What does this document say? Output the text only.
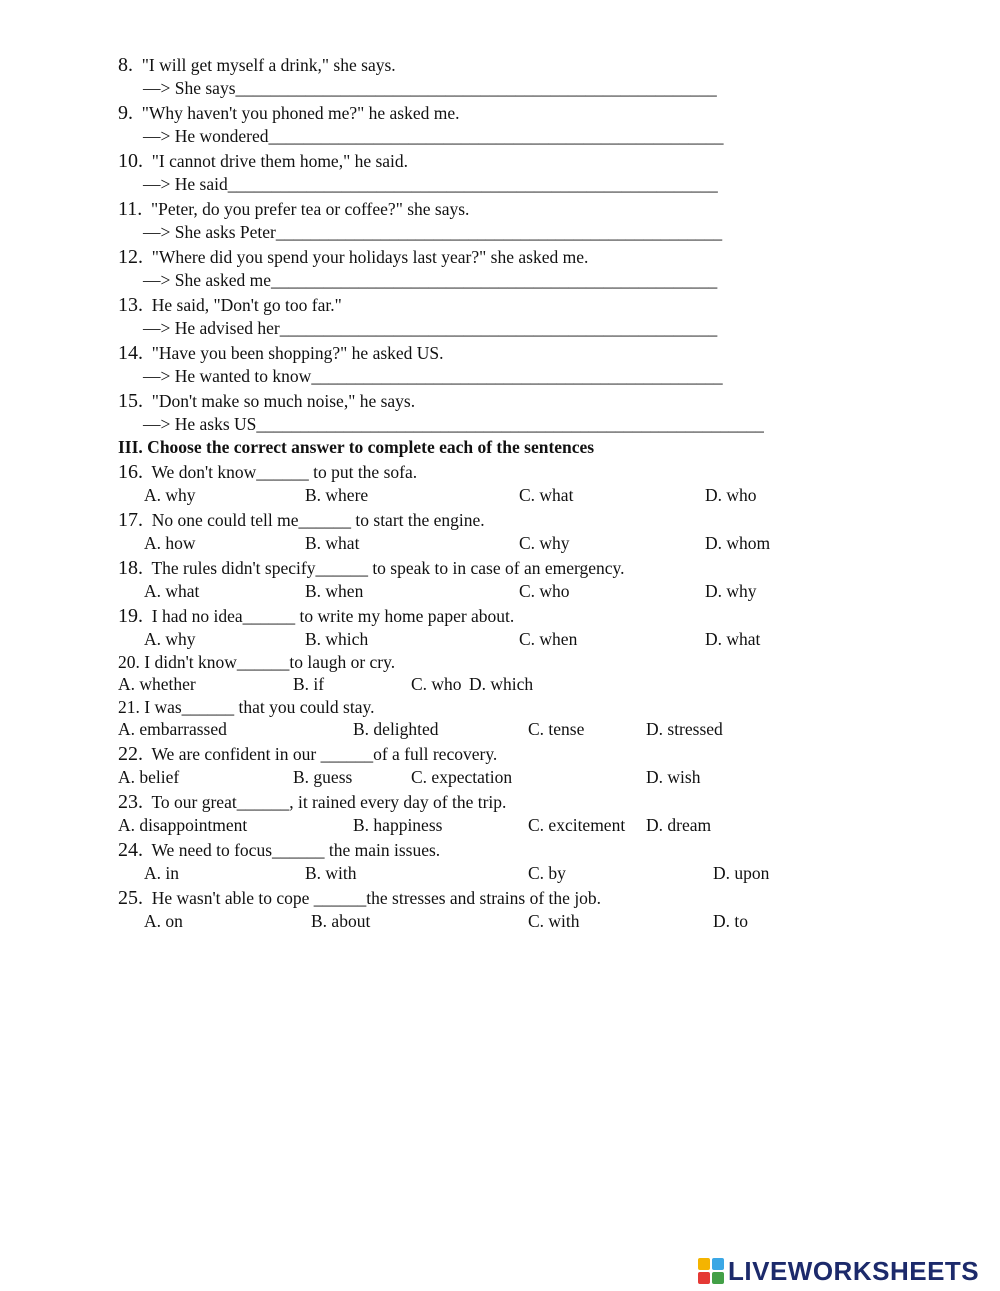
8. "I will get myself a drink," she says.
—> She says_______________________________________________________
9. "Why haven't you phoned me?" he asked me.
—> He wondered____________________________________________________
10. "I cannot drive them home," he said.
—> He said________________________________________________________
11. "Peter, do you prefer tea or coffee?" she says.
—> She asks Peter___________________________________________________
12. "Where did you spend your holidays last year?" she asked me.
—> She asked me___________________________________________________
13. He said, "Don't go too far."
—> He advised her__________________________________________________
14. "Have you been shopping?" he asked US.
—> He wanted to know_______________________________________________
15. "Don't make so much noise," he says.
—> He asks US__________________________________________________________
III. Choose the correct answer to complete each of the sentences
16. We don't know______ to put the sofa.
A. why	B. where	C. what	D. who
17. No one could tell me______ to start the engine.
A. how	B. what	C. why	D. whom
18. The rules didn't specify______ to speak to in case of an emergency.
A. what	B. when	C. who	D. why
19. I had no idea______ to write my home paper about.
A. why	B. which	C. when	D. what
20. I didn't know______to laugh or cry.
A. whether	B. if	C. who D. which
21. I was______ that you could stay.
A. embarrassed	B. delighted	C. tense	D. stressed
22. We are confident in our ______of a full recovery.
A. belief	B. guess	C. expectation	D. wish
23. To our great______, it rained every day of the trip.
A. disappointment	B. happiness	C. excitement D. dream
24. We need to focus______ the main issues.
A. in	B. with	C. by	D. upon
25. He wasn't able to cope ______the stresses and strains of the job.
A. on	B. about	C. with	D. to
LIVEWORKSHEETS
